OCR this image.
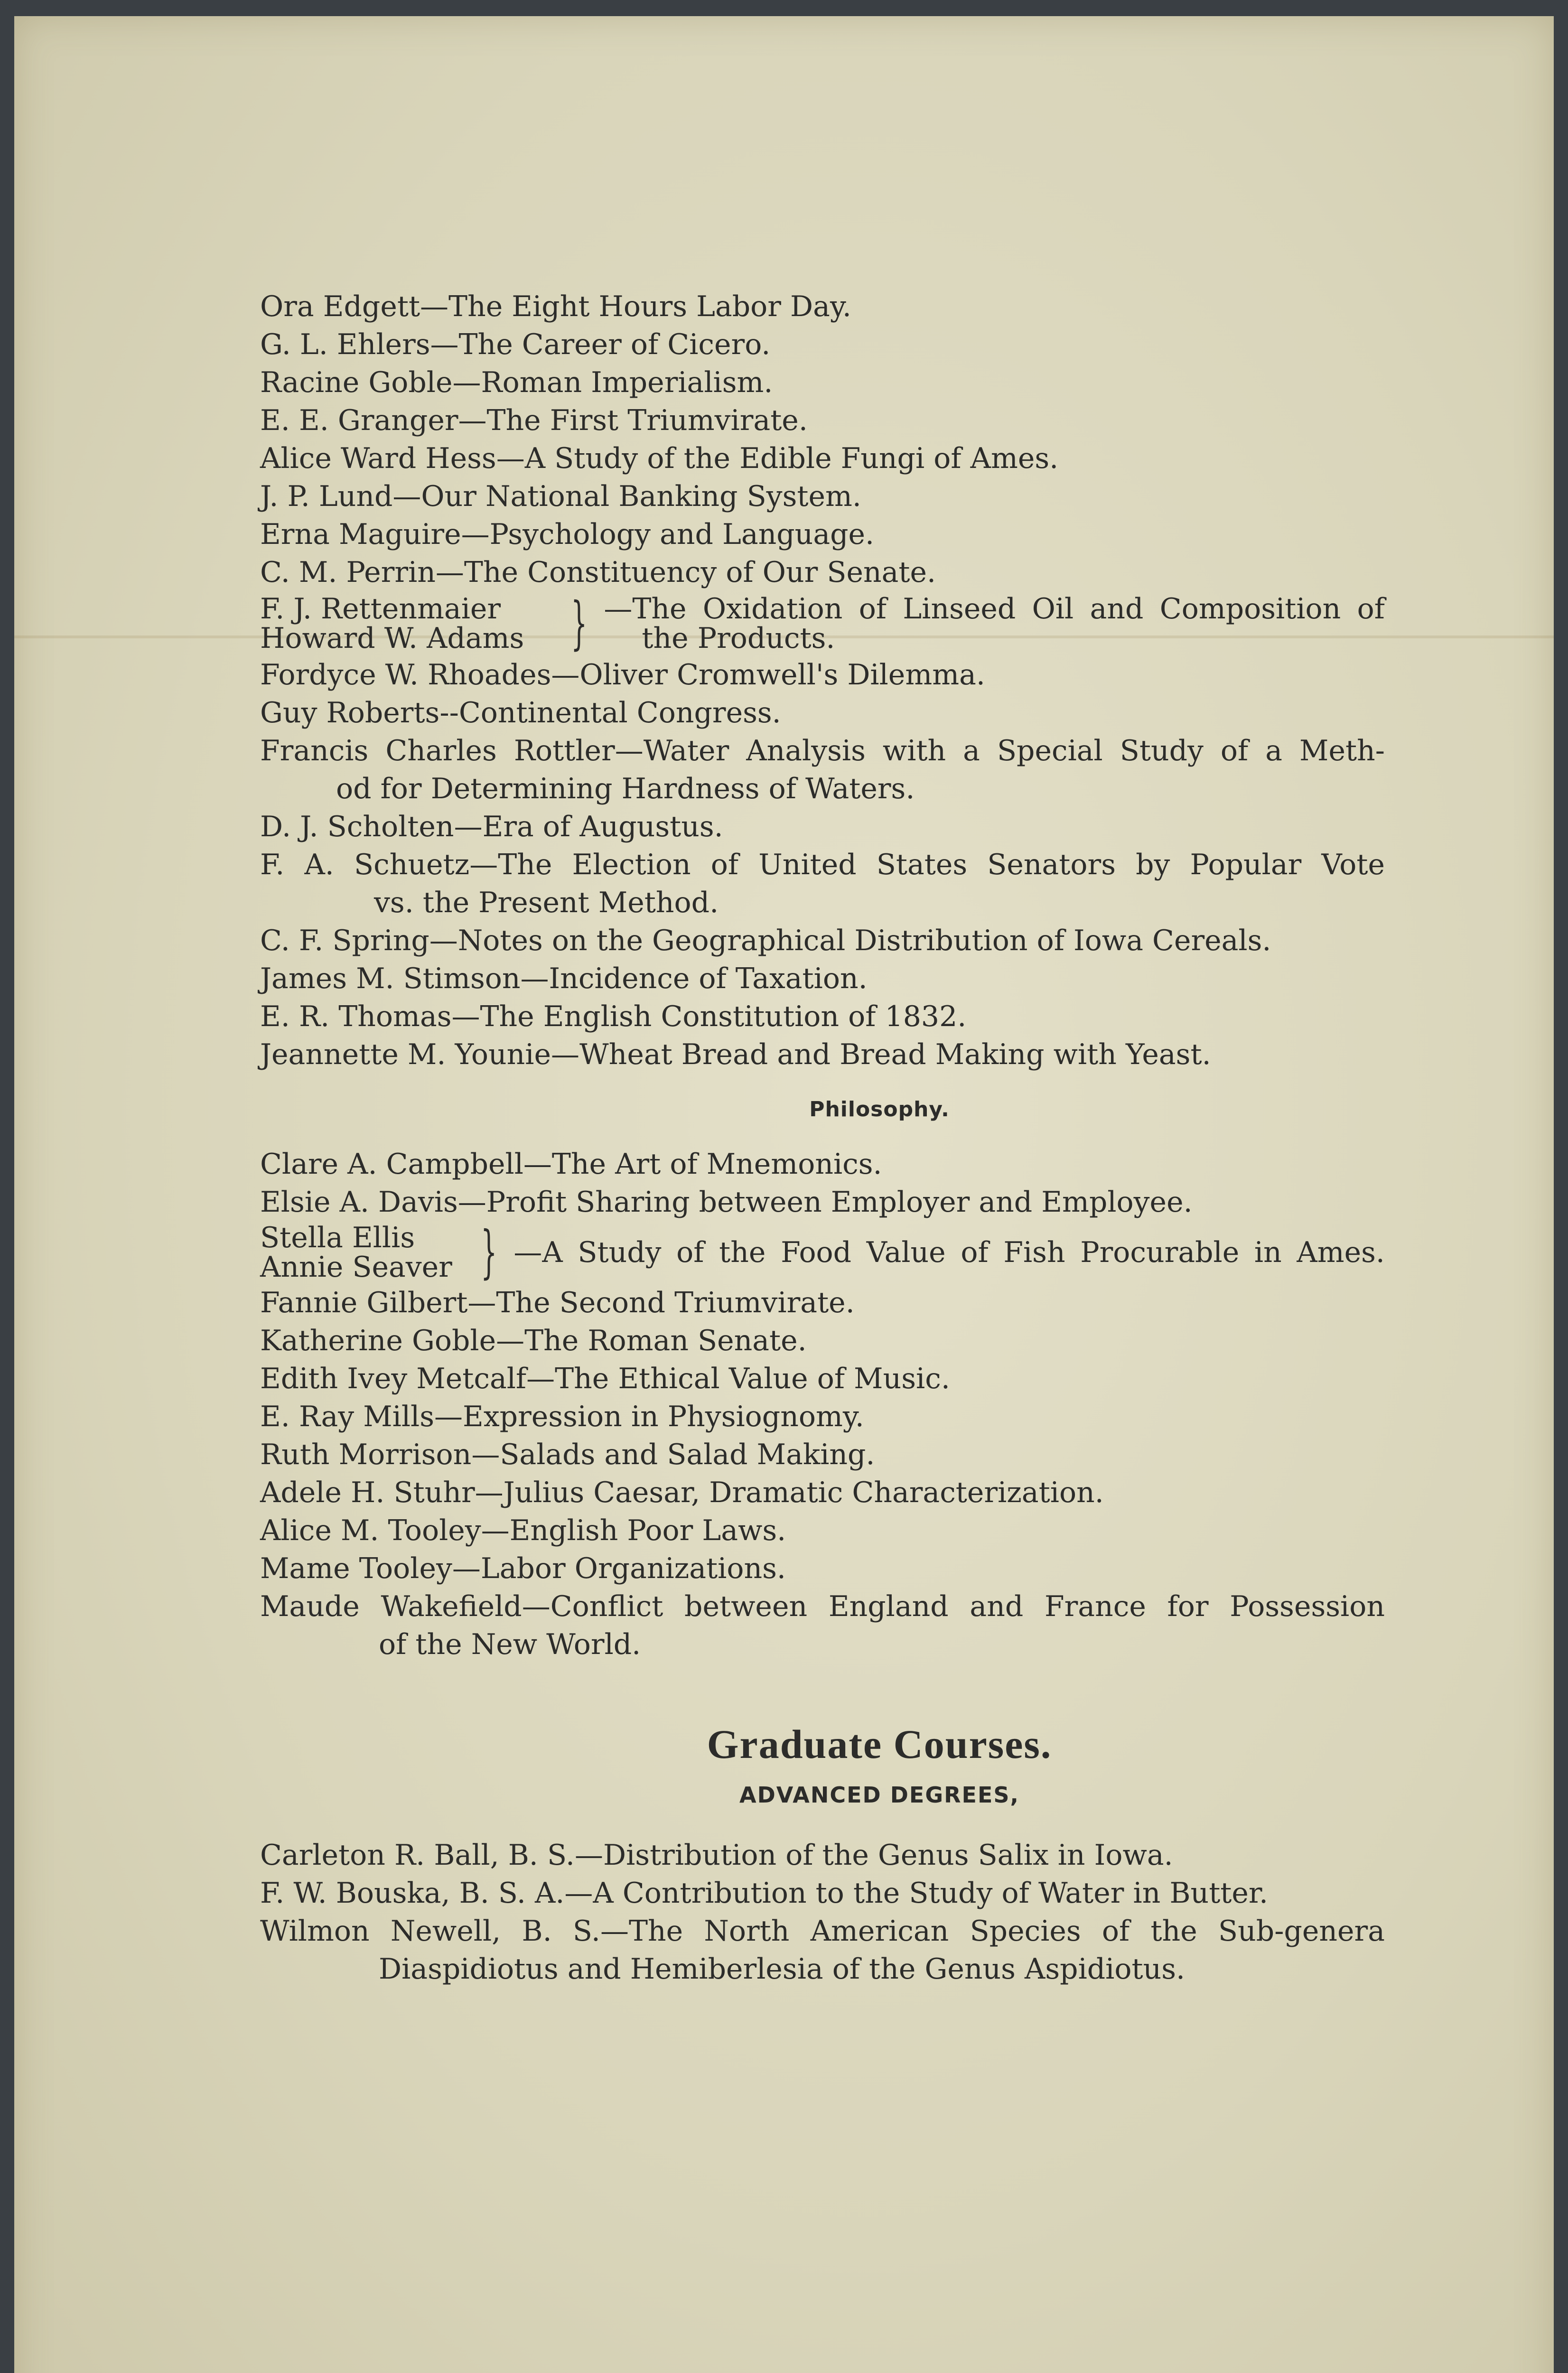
Ora Edgett—The Eight Hours Labor Day.

G. L. Ehlers—The Career of Cicero.

Racine Goble—Roman Imperialism.

E. E. Granger—The First Triumvirate.

Alice Ward Hess—A Study of the Edible Fungi of Ames.

J. P. Lund—Our National Banking System.

Erna Maguire—Psychology and Language.

C. M. Perrin—The Constituency of Our Senate.

F. J. Rettenmaier
Howard W. Adams } —The Oxidation of Linseed Oil and Composition of
the Products.

Fordyce W. Rhoades—Oliver Cromwell's Dilemma.

Guy Roberts--Continental Congress.

Francis Charles Rottler—Water Analysis with a Special Study of a Meth-

od for Determining Hardness of Waters.

D. J. Scholten—Era of Augustus.

F. A. Schuetz—The Election of United States Senators by Popular Vote

vs. the Present Method.

C. F. Spring—Notes on the Geographical Distribution of Iowa Cereals.

James M. Stimson—Incidence of Taxation.

E. R. Thomas—The English Constitution of 1832.

Jeannette M. Younie—Wheat Bread and Bread Making with Yeast.

Philosophy.

Clare A. Campbell—The Art of Mnemonics.

Elsie A. Davis—Profit Sharing between Employer and Employee.

Stella Ellis
Annie Seaver } —A Study of the Food Value of Fish Procurable in Ames.

Fannie Gilbert—The Second Triumvirate.

Katherine Goble—The Roman Senate.

Edith Ivey Metcalf—The Ethical Value of Music.

E. Ray Mills—Expression in Physiognomy.

Ruth Morrison—Salads and Salad Making.

Adele H. Stuhr—Julius Caesar, Dramatic Characterization.

Alice M. Tooley—English Poor Laws.

Mame Tooley—Labor Organizations.

Maude Wakefield—Conflict between England and France for Possession

of the New World.

Graduate Courses.
ADVANCED DEGREES,

Carleton R. Ball, B. S.—Distribution of the Genus Salix in Iowa.

F. W. Bouska, B. S. A.—A Contribution to the Study of Water in Butter.

Wilmon Newell, B. S.—The North American Species of the Sub-genera

Diaspidiotus and Hemiberlesia of the Genus Aspidiotus.
